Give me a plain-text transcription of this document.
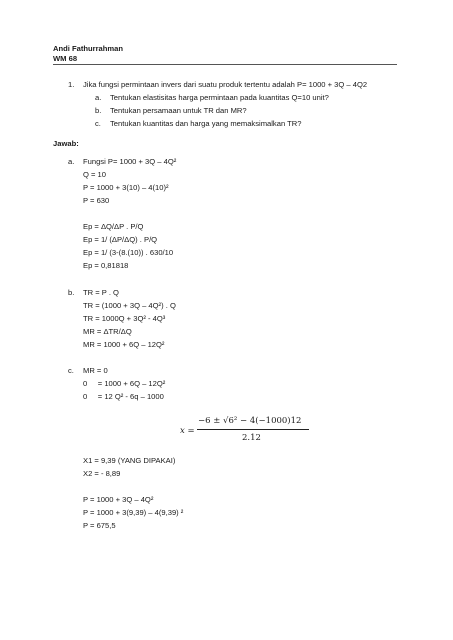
Andi Fathurrahman
WM 68
1. Jika fungsi permintaan invers dari suatu produk tertentu adalah P= 1000 + 3Q – 4Q2
a. Tentukan elastisitas harga permintaan pada kuantitas Q=10 unit?
b. Tentukan persamaan untuk TR dan MR?
c. Tentukan kuantitas dan harga yang memaksimalkan TR?
Jawab:
a. Fungsi P= 1000 + 3Q – 4Q²
Q = 10
P = 1000 + 3(10) – 4(10)²
P = 630
Ep = ΔQ/ΔP . P/Q
Ep = 1/ (ΔP/ΔQ) . P/Q
Ep = 1/ (3-(8.(10)) . 630/10
Ep = 0,81818
b. TR = P . Q
TR = (1000 + 3Q – 4Q²) . Q
TR = 1000Q + 3Q² - 4Q³
MR = ΔTR/ΔQ
MR = 1000 + 6Q – 12Q²
c. MR = 0
0     = 1000 + 6Q – 12Q²
0     = 12 Q² - 6q – 1000
x =
−6 ± √6² − 4(−1000)12
2.12
X1 = 9,39 (YANG DIPAKAI)
X2 = - 8,89
P = 1000 + 3Q – 4Q²
P = 1000 + 3(9,39) – 4(9,39) ²
P = 675,5
